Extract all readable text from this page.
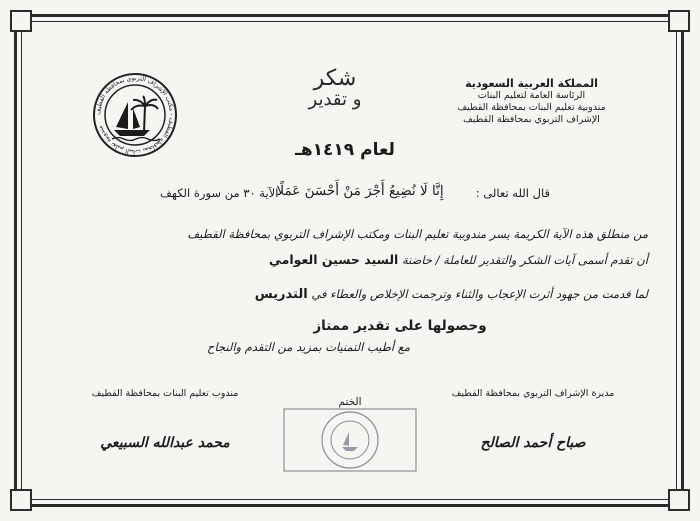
المملكة العربية السعودية
الرئاسة العامة لتعليم البنات
مندوبية تعليم البنات بمحافظة القطيف
الإشراف التربوي بمحافظة القطيف
شكر
و تقدير
لعام ١٤١٩هـ
مندوبية تعليم البنات بمحافظة القطيف - مكتب الإشراف التربوي بمحافظة القطيف
قال الله تعالى :
إِنَّا لَا نُضِيعُ أَجْرَ مَنْ أَحْسَنَ عَمَلًا
الآية ٣٠ من سورة الكهف
من منطلق هذه الآية الكريمة يسر مندوبية تعليم البنات ومكتب الإشراف التربوي بمحافظة القطيف
أن تقدم أسمى آيات الشكر والتقدير للعاملة / حاضنة السيد حسين العوامي
لما قدمت من جهود أثرت الإعجاب والثناء وترجمت الإخلاص والعطاء في التدريس
وحصولها على تقدير ممتاز
مع أطيب التمنيات بمزيد من التقدم والنجاح
مديرة الإشراف التربوي بمحافظة القطيف
صباح أحمد الصالح
مندوب تعليم البنات بمحافظة القطيف
محمد عبدالله السبيعي
الختم
